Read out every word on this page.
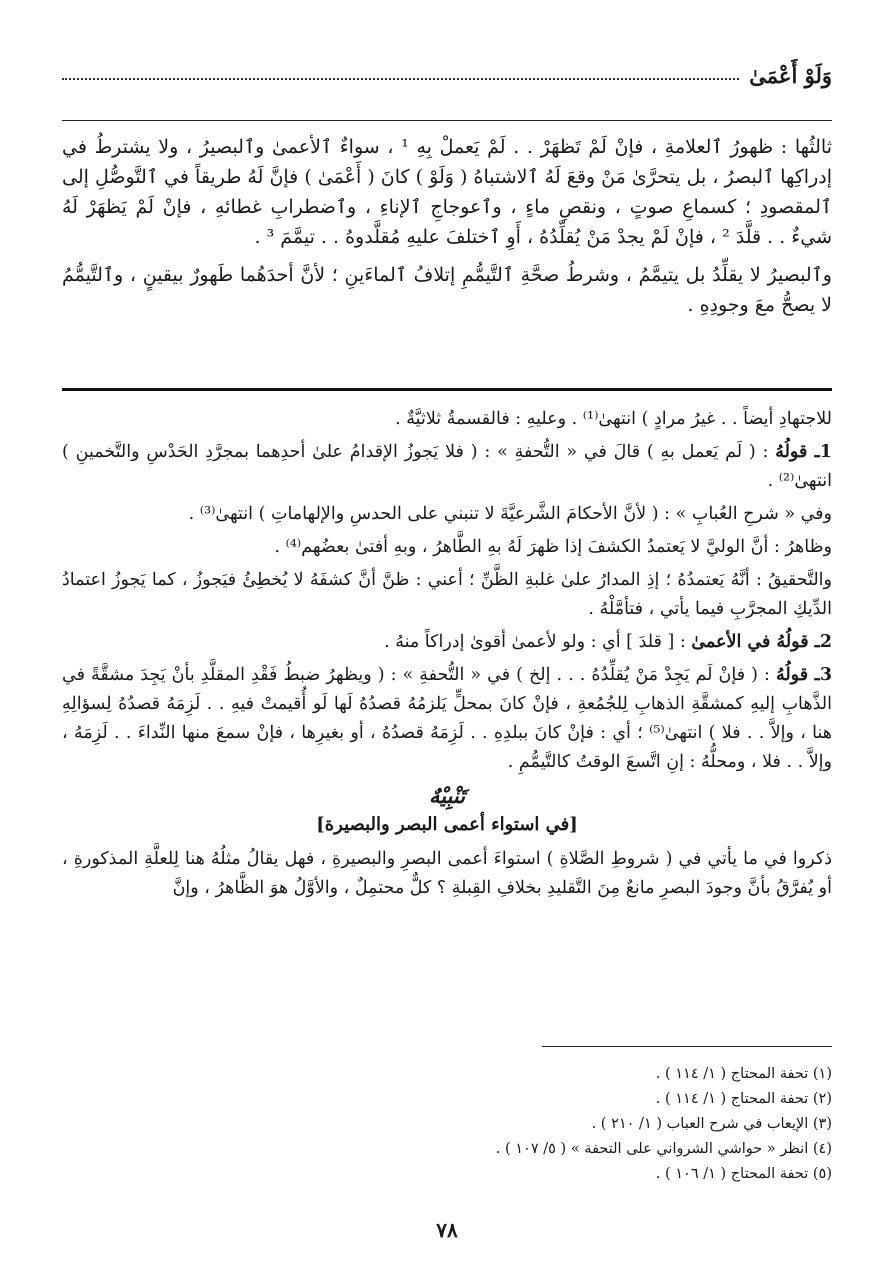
وَلَوْ أَعْمَىٰ

ثالثُها : ظهورُ ٱلعلامةِ ، فإنْ لَمْ تَظهَرْ . . لَمْ يَعملْ بِهِ ¹ ، سواءٌ ٱلأعمىٰ وٱلبصيرُ ، ولا يشترطُ في إدراكِها ٱلبصرُ ، بل يتحرَّىٰ مَنْ وقعَ لَهُ ٱلاشتباهُ ( وَلَوْ ) كانَ ( أَعْمَىٰ ) فإنَّ لَهُ طريقاً في ٱلتَّوصُّلِ إلى ٱلمقصودِ ؛ كسماعِ صوتٍ ، ونقصِ ماءٍ ، وٱعوجاجِ ٱلإناءِ ، وٱضطرابِ غطائهِ ، فإنْ لَمْ يَظهَرْ لَهُ شيءٌ . . قلَّدَ ² ، فإنْ لَمْ يجدْ مَنْ يُقلِّدُهُ ، أَوِ ٱختلفَ عليهِ مُقلَّدوهُ . . تيمَّمَ ³ .

وٱلبصيرُ لا يقلِّدُ بل يتيمَّمُ ، وشرطُ صحَّةِ ٱلتَّيمُّمِ إتلافُ ٱلماءَينِ ؛ لأنَّ أحدَهُما طَهورٌ بيقينٍ ، وٱلتَّيمُّمُ لا يصحُّ معَ وجودِهِ .

للاجتهادِ أيضاً . . غيرُ مرادٍ ) انتهىٰ⁽¹⁾ . وعليهِ : فالقسمةُ ثلاثيَّةٌ .

1ـ قولُهُ : ( لَم يَعمل بهِ ) قالَ في « التُّحفةِ » : ( فلا يَجوزُ الإقدامُ علىٰ أحدِهما بمجرَّدِ الحَدْسِ والتَّخمينِ ) انتهىٰ⁽²⁾ .

وفي « شرحِ العُبابِ » : ( لأنَّ الأحكامَ الشَّرعيَّةَ لا تنبني على الحدسِ والإلهاماتِ ) انتهىٰ⁽³⁾ .

وظاهرُ : أنَّ الوليَّ لا يَعتمدُ الكشفَ إذا ظهرَ لَهُ بهِ الطَّاهرُ ، وبهِ أفتىٰ بعضُهم⁽⁴⁾ .

والتَّحقيقُ : أنَّهُ يَعتمدُهُ ؛ إذِ المدارُ علىٰ غلبةِ الظَّنِّ ؛ أعني : ظنَّ أنَّ كشفَهُ لا يُخطِئُ فيَجوزُ ، كما يَجوزُ اعتمادُ الدِّيكِ المجرَّبِ فيما يأتي ، فتأمَّلْهُ .

2ـ قولُهُ في الأعمىٰ : [ قلدَ ] أي : ولو لأعمىٰ أقوىٰ إدراكاً منهُ .

3ـ قولُهُ : ( فإنْ لَم يَجِدْ مَنْ يُقلِّدُهُ . . . إلخ ) في « التُّحفةِ » : ( ويظهرُ ضبطُ فَقْدِ المقلَّدِ بأنْ يَجِدَ مشقَّةً في الذَّهابِ إليهِ كمشقَّةِ الذهابِ لِلجُمُعةِ ، فإنْ كانَ بمحلٍّ يَلزمُهُ قصدُهُ لَها لَو أُقيمتْ فيهِ . . لَزِمَهُ قصدُهُ لِسؤالِهِ هنا ، وإلاَّ . . فلا ) انتهىٰ⁽⁵⁾ ؛ أي : فإنْ كانَ ببلدِهِ . . لَزِمَهُ قصدُهُ ، أو بغيرِها ، فإنْ سمعَ منها النِّداءَ . . لَزِمَهُ ، وإلاَّ . . فلا ، ومحلُّهُ : إنِ اتَّسعَ الوقتُ كالتَّيمُّمِ .

تَنْبِيْهٌ
[في استواء أعمى البصر والبصيرة]

ذكروا في ما يأتي في ( شروطِ الصَّلاةِ ) استواءَ أعمى البصرِ والبصيرةِ ، فهل يقالُ مثلُهُ هنا لِلعلَّةِ المذكورةِ ، أو يُفرَّقُ بأنَّ وجودَ البصرِ مانعٌ مِنَ التَّقليدِ بخلافِ القِبلةِ ؟ كلٌّ محتمِلٌ ، والأوَّلُ هوَ الظَّاهرُ ، وإنَّ

(١) تحفة المحتاج ( ١/ ١١٤ ) .
(٢) تحفة المحتاج ( ١/ ١١٤ ) .
(٣) الإيعاب في شرح العباب ( ١/ ٢١٠ ) .
(٤) انظر « حواشي الشرواني على التحفة » ( ٥/ ١٠٧ ) .
(٥) تحفة المحتاج ( ١/ ١٠٦ ) .
٧٨
